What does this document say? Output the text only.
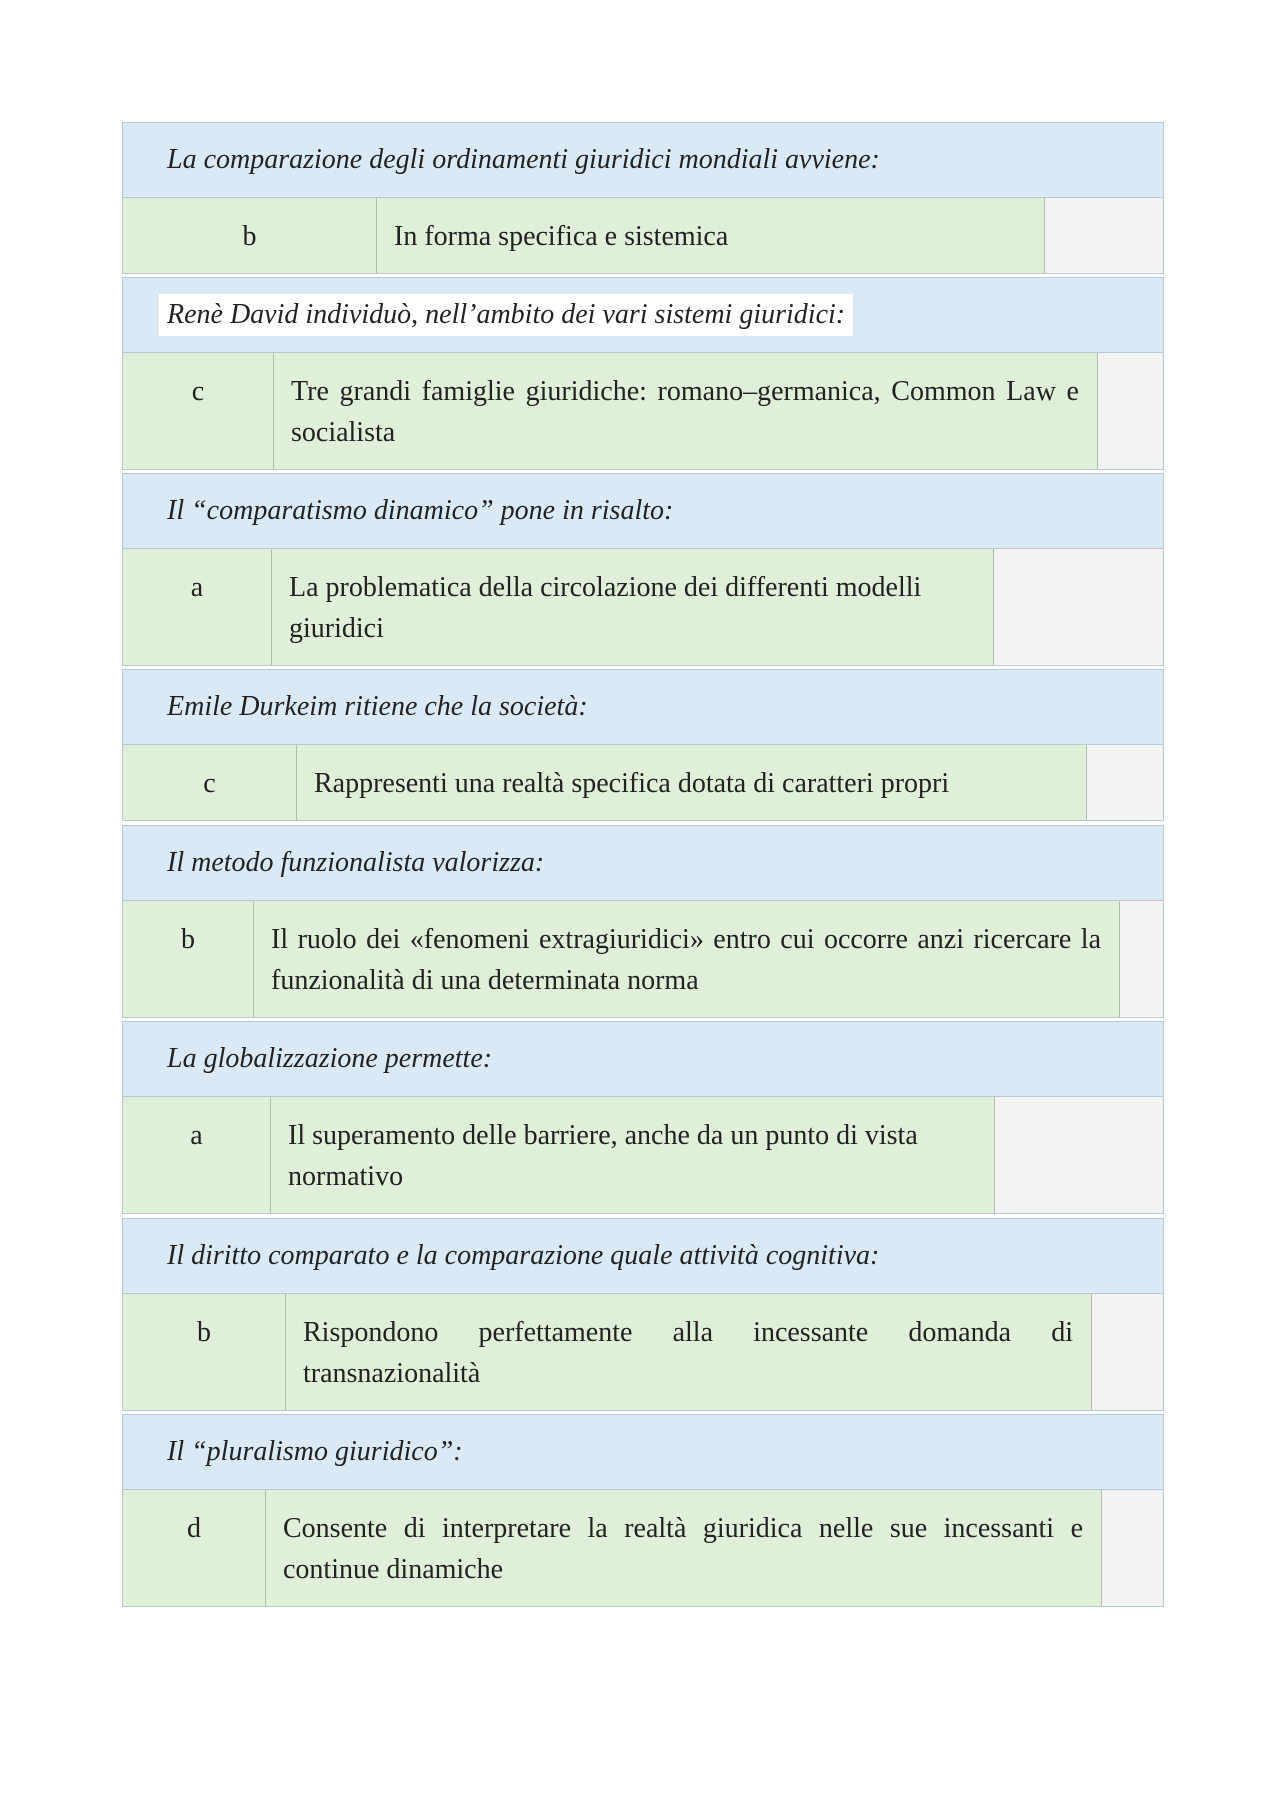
La comparazione degli ordinamenti giuridici mondiali avviene:
b	In forma specifica e sistemica
Renè David individuò, nell’ambito dei vari sistemi giuridici:
c	Tre grandi famiglie giuridiche: romano–germanica, Common Law e socialista
Il “comparatismo dinamico” pone in risalto:
a	La problematica della circolazione dei differenti modelli giuridici
Emile Durkeim ritiene che la società:
c	Rappresenti una realtà specifica dotata di caratteri propri
Il metodo funzionalista valorizza:
b	Il ruolo dei «fenomeni extragiuridici» entro cui occorre anzi ricercare la funzionalità di una determinata norma
La globalizzazione permette:
a	Il superamento delle barriere, anche da un punto di vista normativo
Il diritto comparato e la comparazione quale attività cognitiva:
b	Rispondono perfettamente alla incessante domanda di transnazionalità
Il “pluralismo giuridico”:
d	Consente di interpretare la realtà giuridica nelle sue incessanti e continue dinamiche
